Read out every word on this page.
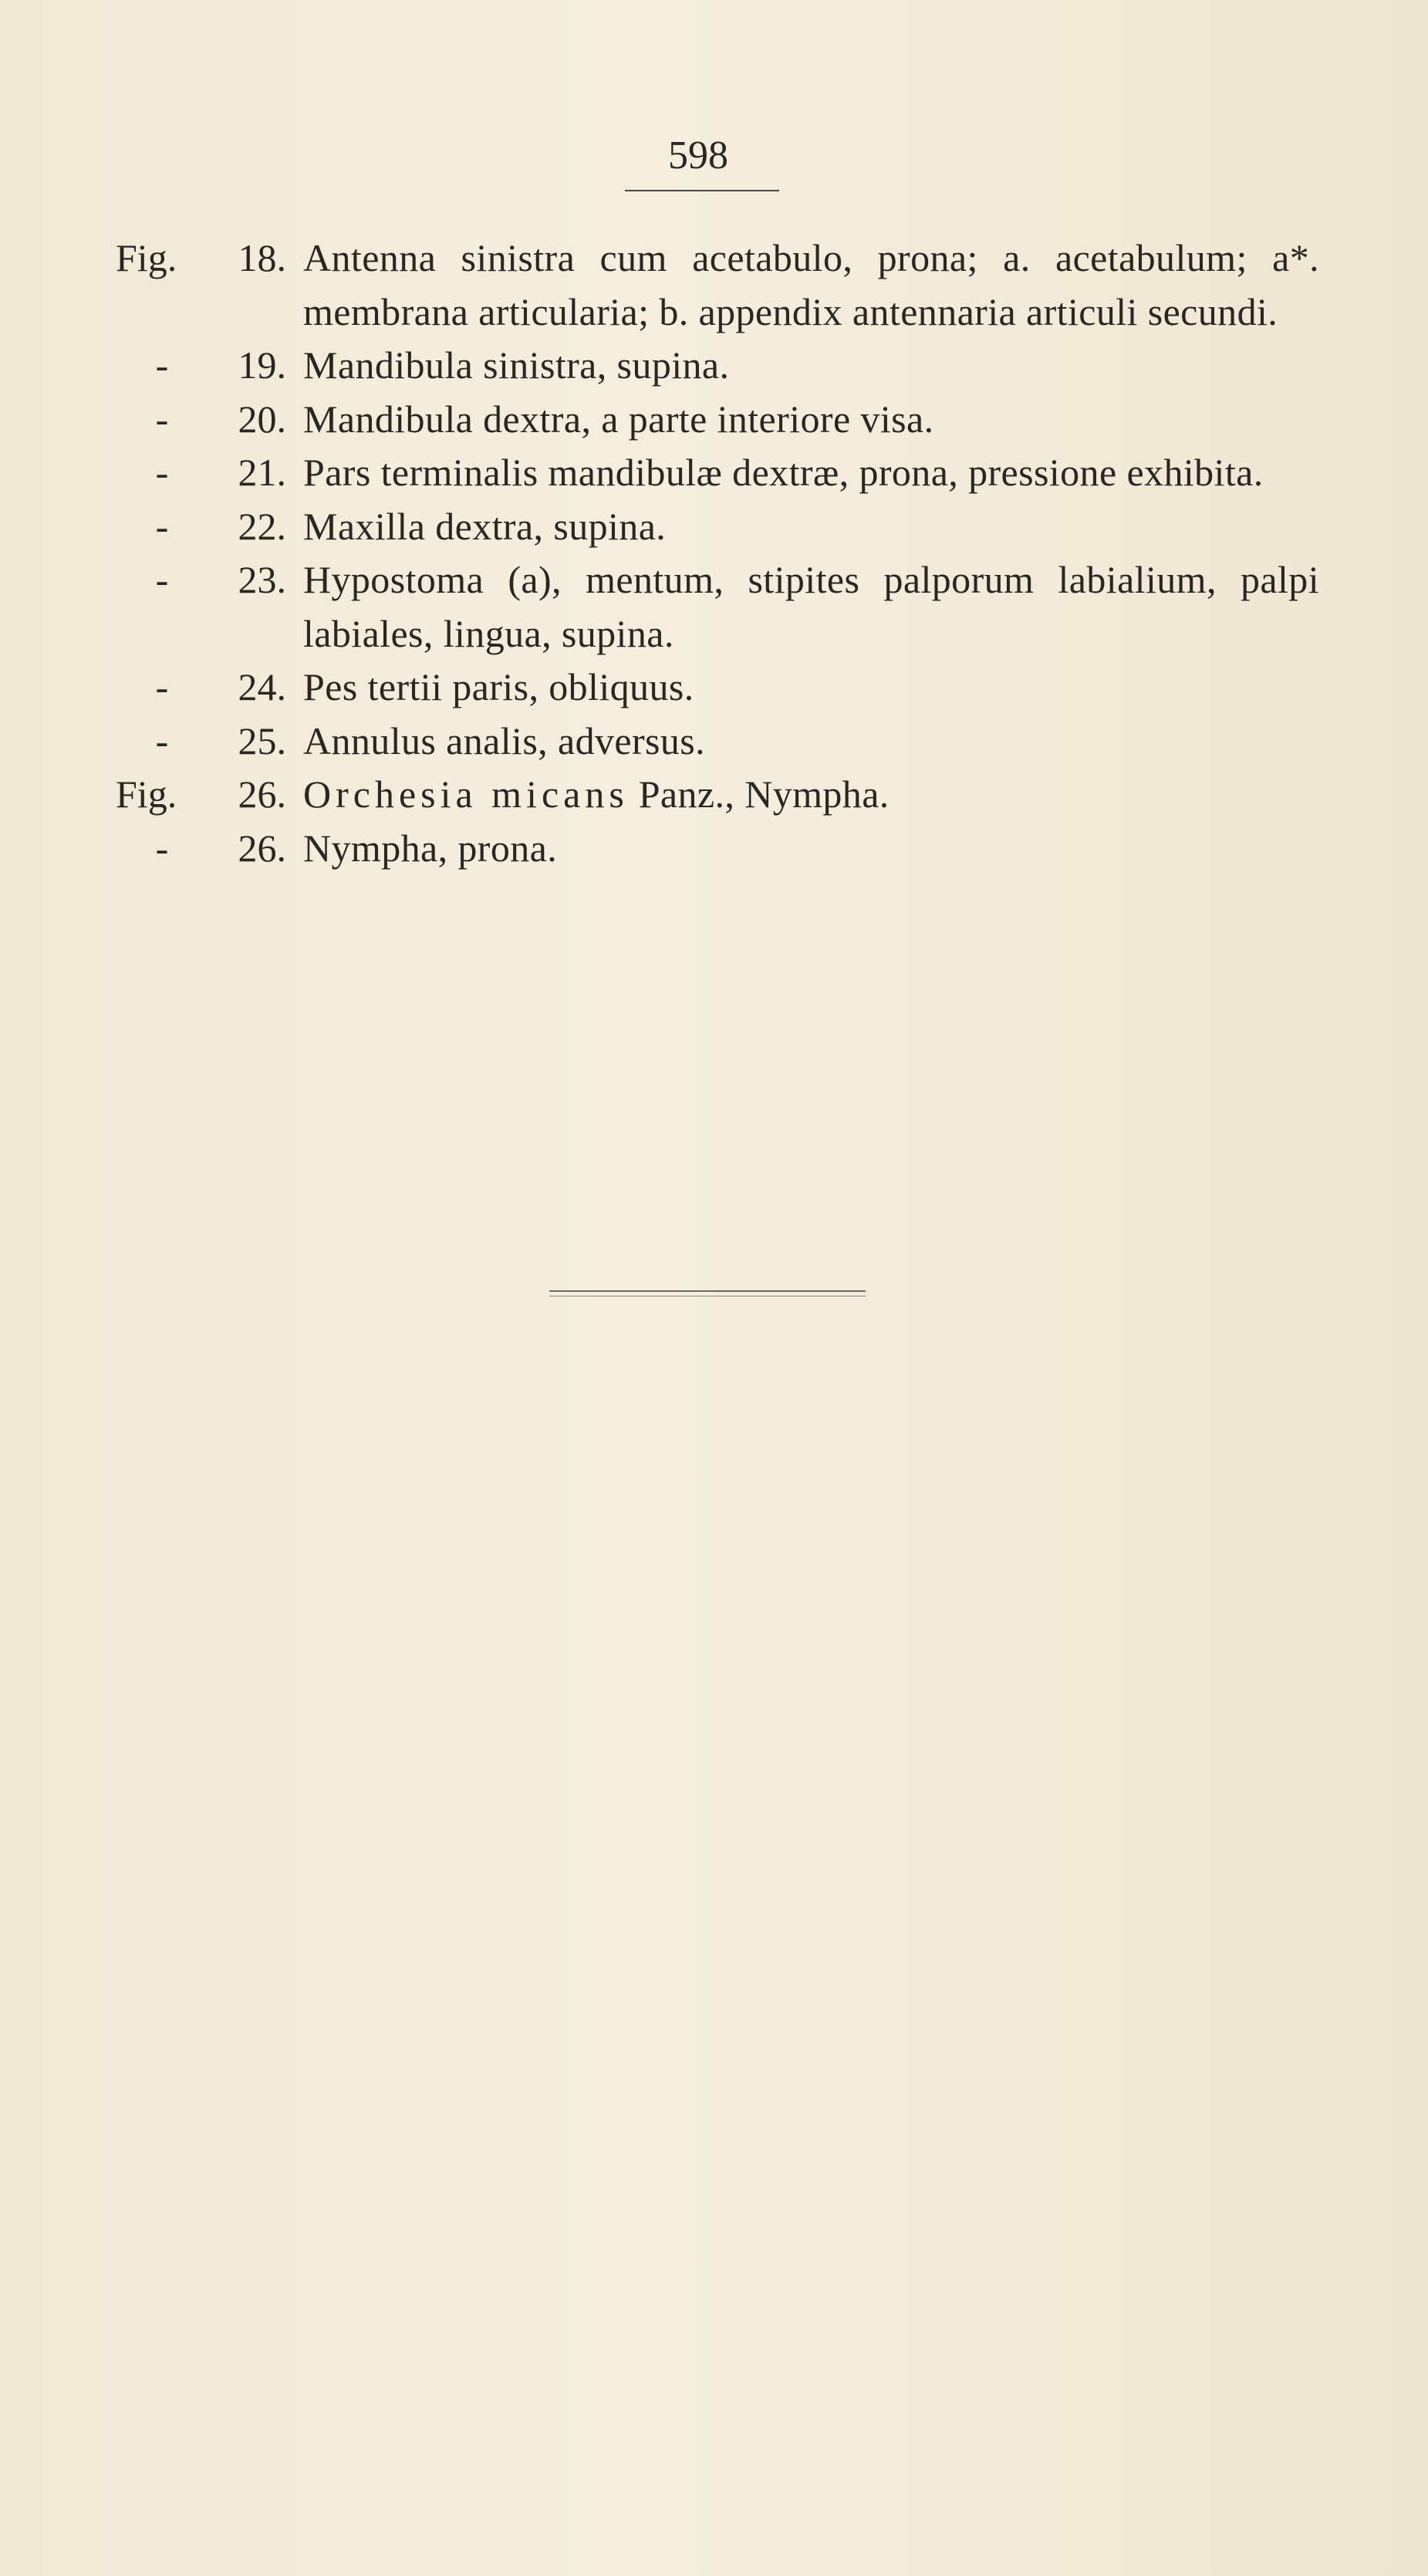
598
Fig.	18. Antenna sinistra cum acetabulo, prona; a. acetabulum; a*. membrana articularia; b. appendix antennaria articuli secundi.
-	19. Mandibula sinistra, supina.
-	20. Mandibula dextra, a parte interiore visa.
-	21. Pars terminalis mandibulæ dextræ, prona, pressione exhibita.
-	22. Maxilla dextra, supina.
-	23. Hypostoma (a), mentum, stipites palporum labialium, palpi labiales, lingua, supina.
-	24. Pes tertii paris, obliquus.
-	25. Annulus analis, adversus.
Fig.	26. Orchesia micans Panz., Nympha.
-	26. Nympha, prona.
